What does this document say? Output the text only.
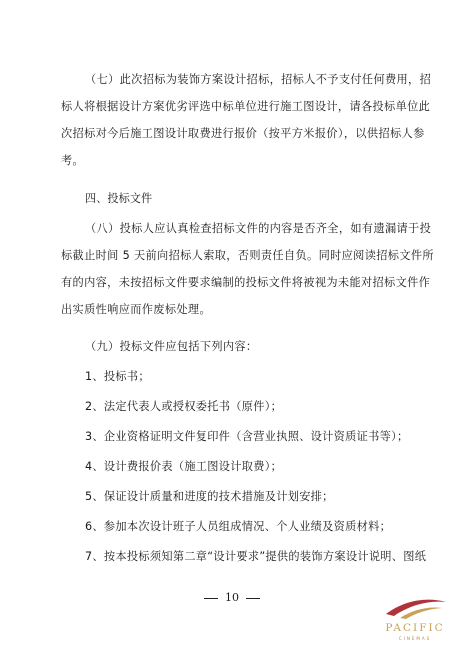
（七）此次招标为装饰方案设计招标，招标人不予支付任何费用，招
标人将根据设计方案优劣评选中标单位进行施工图设计，请各投标单位此
次招标对今后施工图设计取费进行报价（按平方米报价），以供招标人参
考。

四、投标文件

（八）投标人应认真检查招标文件的内容是否齐全，如有遗漏请于投
标截止时间 5 天前向招标人索取，否则责任自负。同时应阅读招标文件所
有的内容，未按招标文件要求编制的投标文件将被视为未能对招标文件作
出实质性响应而作废标处理。

（九）投标文件应包括下列内容：
1、投标书；
2、法定代表人或授权委托书（原件）；
3、企业资格证明文件复印件（含营业执照、设计资质证书等）；
4、设计费报价表（施工图设计取费）；
5、保证设计质量和进度的技术措施及计划安排；
6、参加本次设计班子人员组成情况、个人业绩及资质材料；
7、按本投标须知第二章“设计要求”提供的装饰方案设计说明、图纸
10
PACIFIC
CINEMAS
